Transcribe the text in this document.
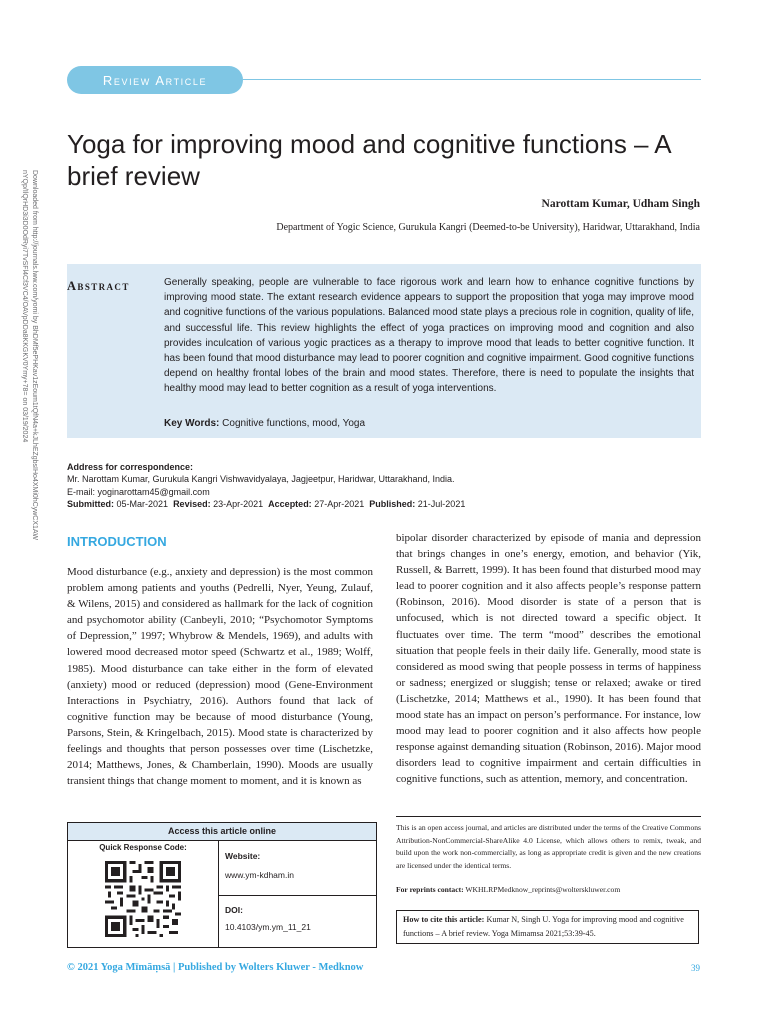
Review Article
Yoga for improving mood and cognitive functions – A brief review
Narottam Kumar, Udham Singh
Department of Yogic Science, Gurukula Kangri (Deemed-to-be University), Haridwar, Uttarakhand, India
Downloaded from http://journals.lww.com/yomi by BhDMf5ePHKav1zEoum1tQfN4a+kJLhEZgbsIHo4XMi0hCywCX1AW
nYQp/IlQrHD3i3D0OdRyi7TvSFl4Cf3VC4/OAVpDDa8KKGKV0Ymy+78= on 03/19/2024	Abstract	Generally speaking, people are vulnerable to face rigorous work and learn how to enhance cognitive functions by improving mood state. The extant research evidence appears to support the proposition that yoga may improve mood and cognitive functions of the various populations. Balanced mood state plays a precious role in cognition, quality of life, and successful life. This review highlights the effect of yoga practices on improving mood and cognition and also provides inculcation of various yogic practices as a therapy to improve mood that leads to better cognitive function. It has been found that mood disturbance may lead to poorer cognition and cognitive impairment. Good cognitive functions depend on healthy frontal lobes of the brain and mood states. Therefore, there is need to populate the insights that healthy mood may lead to better cognition as a result of yoga interventions.
Key Words: Cognitive functions, mood, Yoga
Address for correspondence:
Mr. Narottam Kumar, Gurukula Kangri Vishwavidyalaya, Jagjeetpur, Haridwar, Uttarakhand, India.
E-mail: yoginarottam45@gmail.com
Submitted: 05-Mar-2021 Revised: 23-Apr-2021 Accepted: 27-Apr-2021 Published: 21-Jul-2021
INTRODUCTION
Mood disturbance (e.g., anxiety and depression) is the most common problem among patients and youths (Pedrelli, Nyer, Yeung, Zulauf, & Wilens, 2015) and considered as hallmark for the lack of cognition and psychomotor ability (Canbeyli, 2010; “Psychomotor Symptoms of Depression,” 1997; Whybrow & Mendels, 1969), and adults with lowered mood decreased motor speed (Schwartz et al., 1989; Wolff, 1985). Mood disturbance can take either in the form of elevated (anxiety) mood or reduced (depression) mood (Gene-Environment Interactions in Psychiatry, 2016). Authors found that lack of cognitive function may be because of mood disturbance (Young, Parsons, Stein, & Kringelbach, 2015). Mood state is characterized by feelings and thoughts that person possesses over time (Lischetzke, 2014; Matthews, Jones, & Chamberlain, 1990). Moods are usually transient things that change moment to moment, and it is known as
bipolar disorder characterized by episode of mania and depression that brings changes in one’s energy, emotion, and behavior (Yik, Russell, & Barrett, 1999). It has been found that disturbed mood may lead to poorer cognition and it also affects people’s response pattern (Robinson, 2016). Mood disorder is state of a person that is unfocused, which is not directed toward a specific object. It fluctuates over time. The term “mood” describes the emotional situation that people feels in their daily life. Generally, mood state is considered as mood swing that people possess in terms of happiness or sadness; energized or sluggish; tense or relaxed; awake or tired (Lischetzke, 2014; Matthews et al., 1990). It has been found that mood state has an impact on person’s performance. For instance, low mood may lead to poorer cognition and it also affects how people response against demanding situation (Robinson, 2016). Major mood disorders lead to cognitive impairment and certain difficulties in cognitive functions, such as attention, memory, and concentration.
Access this article online
Quick Response Code:
Website:
www.ym-kdham.in
DOI:
10.4103/ym.ym_11_21
This is an open access journal, and articles are distributed under the terms of the Creative Commons Attribution-NonCommercial-ShareAlike 4.0 License, which allows others to remix, tweak, and build upon the work non-commercially, as long as appropriate credit is given and the new creations are licensed under the identical terms.
For reprints contact: WKHLRPMedknow_reprints@wolterskluwer.com
How to cite this article: Kumar N, Singh U. Yoga for improving mood and cognitive functions – A brief review. Yoga Mimamsa 2021;53:39-45.
© 2021 Yoga Mīmāṃsā | Published by Wolters Kluwer - Medknow	39
